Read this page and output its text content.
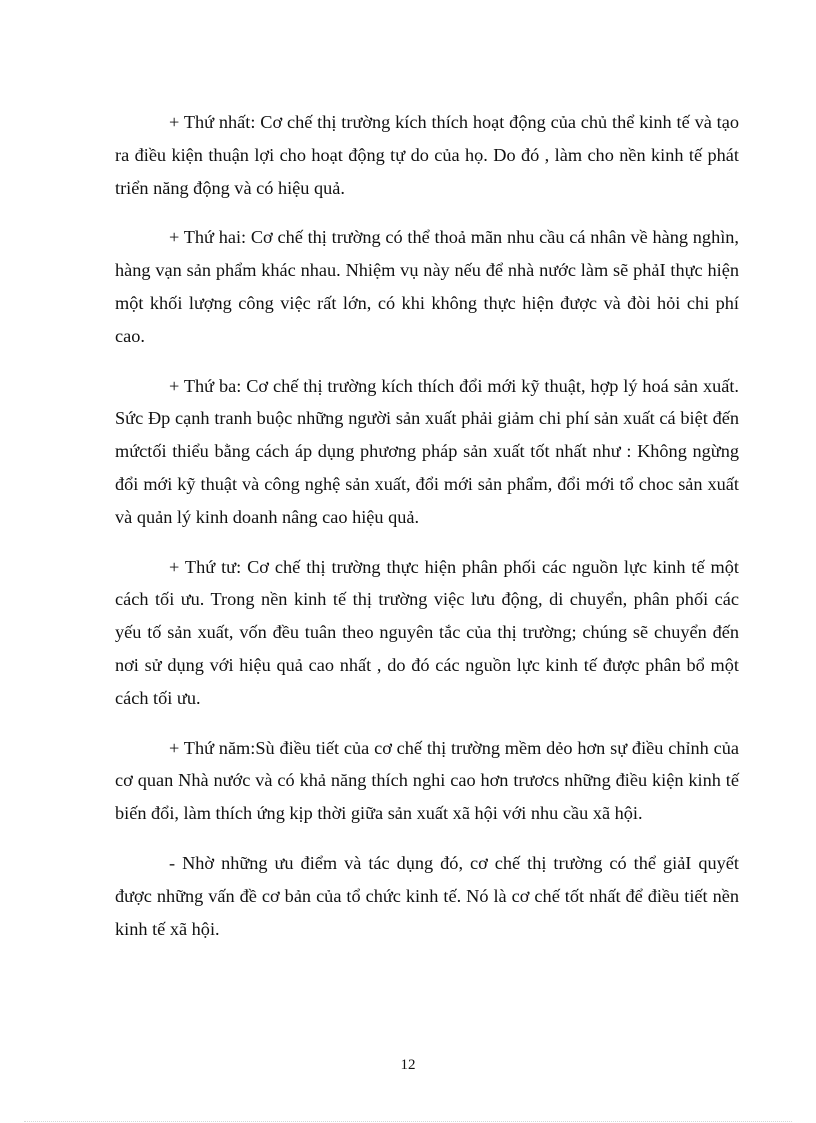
+ Thứ nhất: Cơ chế thị trường kích thích hoạt động của chủ thể kinh tế và tạo ra điều kiện thuận lợi cho hoạt động tự do của họ. Do đó , làm cho nền kinh tế phát triển năng động và có hiệu quả.

+ Thứ hai: Cơ chế thị trường có thể thoả mãn nhu cầu cá nhân về hàng nghìn, hàng vạn sản phẩm khác nhau. Nhiệm vụ này nếu để nhà nước làm sẽ phảI thực hiện một khối lượng công việc rất lớn, có khi không thực hiện được và đòi hỏi chi phí cao.

+ Thứ ba: Cơ chế thị trường kích thích đổi mới kỹ thuật, hợp lý hoá sản xuất. Sức Đp cạnh tranh buộc những người sản xuất phải giảm chi phí sản xuất cá biệt đến mứctối thiểu bằng cách áp dụng phương pháp sản xuất tốt nhất như : Không ngừng đổi mới kỹ thuật và công nghệ sản xuất, đổi mới sản phẩm, đổi mới tổ choc sản xuất và quản lý kinh doanh nâng cao hiệu quả.

+ Thứ tư: Cơ chế thị trường thực hiện phân phối các nguồn lực kinh tế một cách tối ưu. Trong nền kinh tế thị trường việc lưu động, di chuyển, phân phối các yếu tố sản xuất, vốn đều tuân theo nguyên tắc của thị trường; chúng sẽ chuyển đến nơi sử dụng với hiệu quả cao nhất , do đó các nguồn lực kinh tế được phân bổ một cách tối ưu.

+ Thứ năm:Sù điều tiết của cơ chế thị trường mềm dẻo hơn sự điều chỉnh của cơ quan Nhà nước và có khả năng thích nghi cao hơn trươcs những điều kiện kinh tế biến đổi, làm thích ứng kịp thời giữa sản xuất xã hội với nhu cầu xã hội.

- Nhờ những ưu điểm và tác dụng đó, cơ chế thị trường có thể giảI quyết được những vấn đề cơ bản của tổ chức kinh tế. Nó là cơ chế tốt nhất để điều tiết nền kinh tế xã hội.

12
